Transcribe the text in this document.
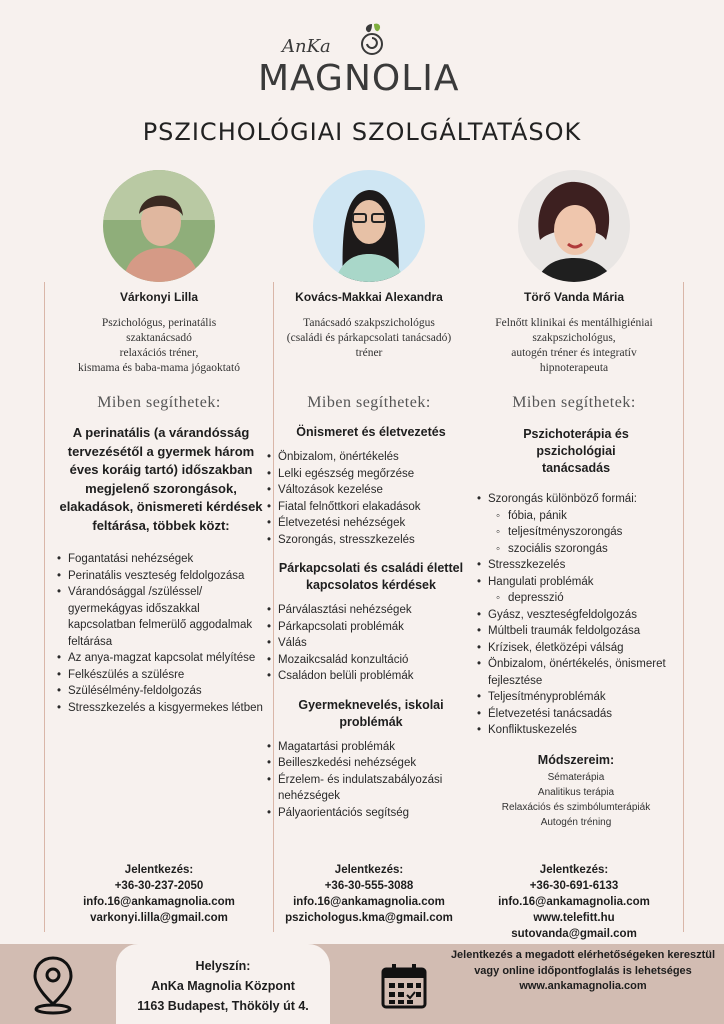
AnKa
MAGNOLIA
PSZICHOLÓGIAI SZOLGÁLTATÁSOK
Várkonyi Lilla
Pszichológus, perinatális
szaktanácsadó
relaxációs tréner,
kismama és baba-mama jógaoktató
Miben segíthetek:
A perinatális (a várandósság tervezésétől a gyermek három éves koráig tartó) időszakban megjelenő szorongások, elakadások, önismereti kérdések feltárása, többek közt:
• Fogantatási nehézségek
• Perinatális veszteség feldolgozása
• Várandósággal /szüléssel/ gyermekágyas időszakkal kapcsolatban felmerülő aggodalmak feltárása
• Az anya-magzat kapcsolat mélyítése
• Felkészülés a szülésre
• Szülésélmény-feldolgozás
• Stresszkezelés a kisgyermekes létben
Jelentkezés:
+36-30-237-2050
info.16@ankamagnolia.com
varkonyi.lilla@gmail.com
Kovács-Makkai Alexandra
Tanácsadó szakpszichológus
(családi és párkapcsolati tanácsadó)
tréner
Miben segíthetek:
Önismeret és életvezetés
• Önbizalom, önértékelés
• Lelki egészség megőrzése
• Változások kezelése
• Fiatal felnőttkori elakadások
• Életvezetési nehézségek
• Szorongás, stresszkezelés
Párkapcsolati és családi élettel kapcsolatos kérdések
• Párválasztási nehézségek
• Párkapcsolati problémák
• Válás
• Mozaikcsalád konzultáció
• Családon belüli problémák
Gyermeknevelés, iskolai problémák
• Magatartási problémák
• Beilleszkedési nehézségek
• Érzelem- és indulatszabályozási nehézségek
• Pályaorientációs segítség
Jelentkezés:
+36-30-555-3088
info.16@ankamagnolia.com
pszichologus.kma@gmail.com
Törő Vanda Mária
Felnőtt klinikai és mentálhigiéniai
szakpszichológus,
autogén tréner és integratív
hipnoterapeuta
Miben segíthetek:
Pszichoterápia és pszichológiai tanácsadás
• Szorongás különböző formái:
◦ fóbia, pánik
◦ teljesítményszorongás
◦ szociális szorongás
• Stresszkezelés
• Hangulati problémák
◦ depresszió
• Gyász, veszteségfeldolgozás
• Múltbeli traumák feldolgozása
• Krízisek, életközépi válság
• Önbizalom, önértékelés, önismeret fejlesztése
• Teljesítményproblémák
• Életvezetési tanácsadás
• Konfliktuskezelés
Módszereim:
Sématerápia
Analitikus terápia
Relaxációs és szimbólumterápiák
Autogén tréning
Jelentkezés:
+36-30-691-6133
info.16@ankamagnolia.com
www.telefitt.hu
sutovanda@gmail.com
Helyszín:
AnKa Magnolia Központ
1163 Budapest, Thököly út 4.
Jelentkezés a megadott elérhetőségeken keresztül vagy online időpontfoglalás is lehetséges
www.ankamagnolia.com
